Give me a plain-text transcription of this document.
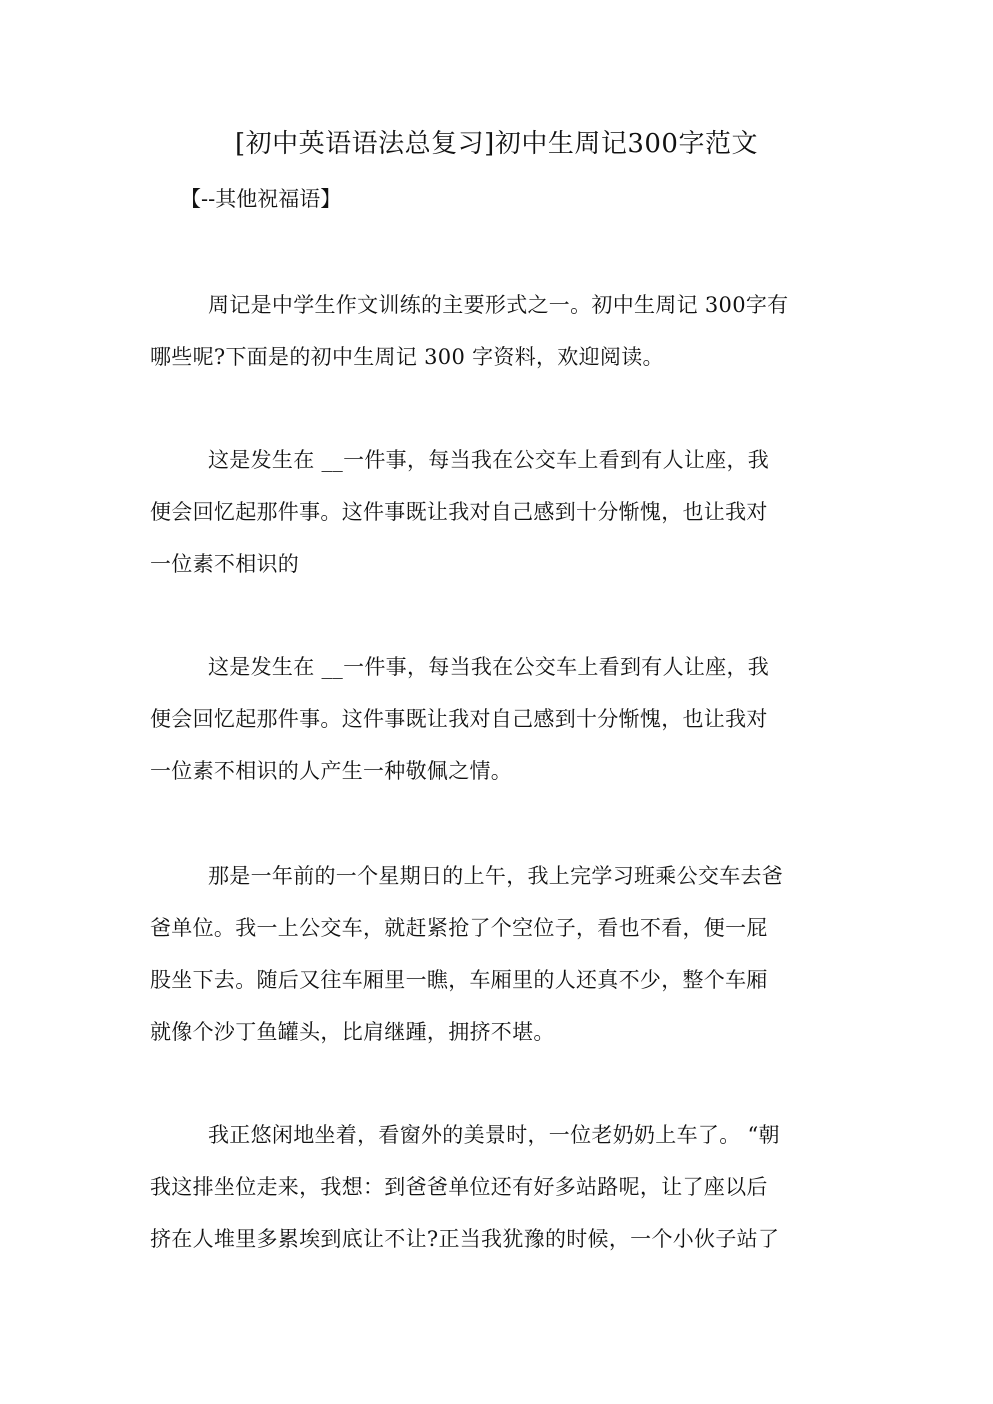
[初中英语语法总复习]初中生周记300字范文
【--其他祝福语】

周记是中学生作文训练的主要形式之一。初中生周记 300字有
哪些呢?下面是的初中生周记 300 字资料，欢迎阅读。

这是发生在 __一件事，每当我在公交车上看到有人让座，我
便会回忆起那件事。这件事既让我对自己感到十分惭愧，也让我对
一位素不相识的

这是发生在 __一件事，每当我在公交车上看到有人让座，我
便会回忆起那件事。这件事既让我对自己感到十分惭愧，也让我对
一位素不相识的人产生一种敬佩之情。

那是一年前的一个星期日的上午，我上完学习班乘公交车去爸
爸单位。我一上公交车，就赶紧抢了个空位子，看也不看，便一屁
股坐下去。随后又往车厢里一瞧，车厢里的人还真不少，整个车厢
就像个沙丁鱼罐头，比肩继踵，拥挤不堪。

我正悠闲地坐着，看窗外的美景时，一位老奶奶上车了。 “朝
我这排坐位走来，我想：到爸爸单位还有好多站路呢，让了座以后
挤在人堆里多累埃到底让不让?正当我犹豫的时候，一个小伙子站了
